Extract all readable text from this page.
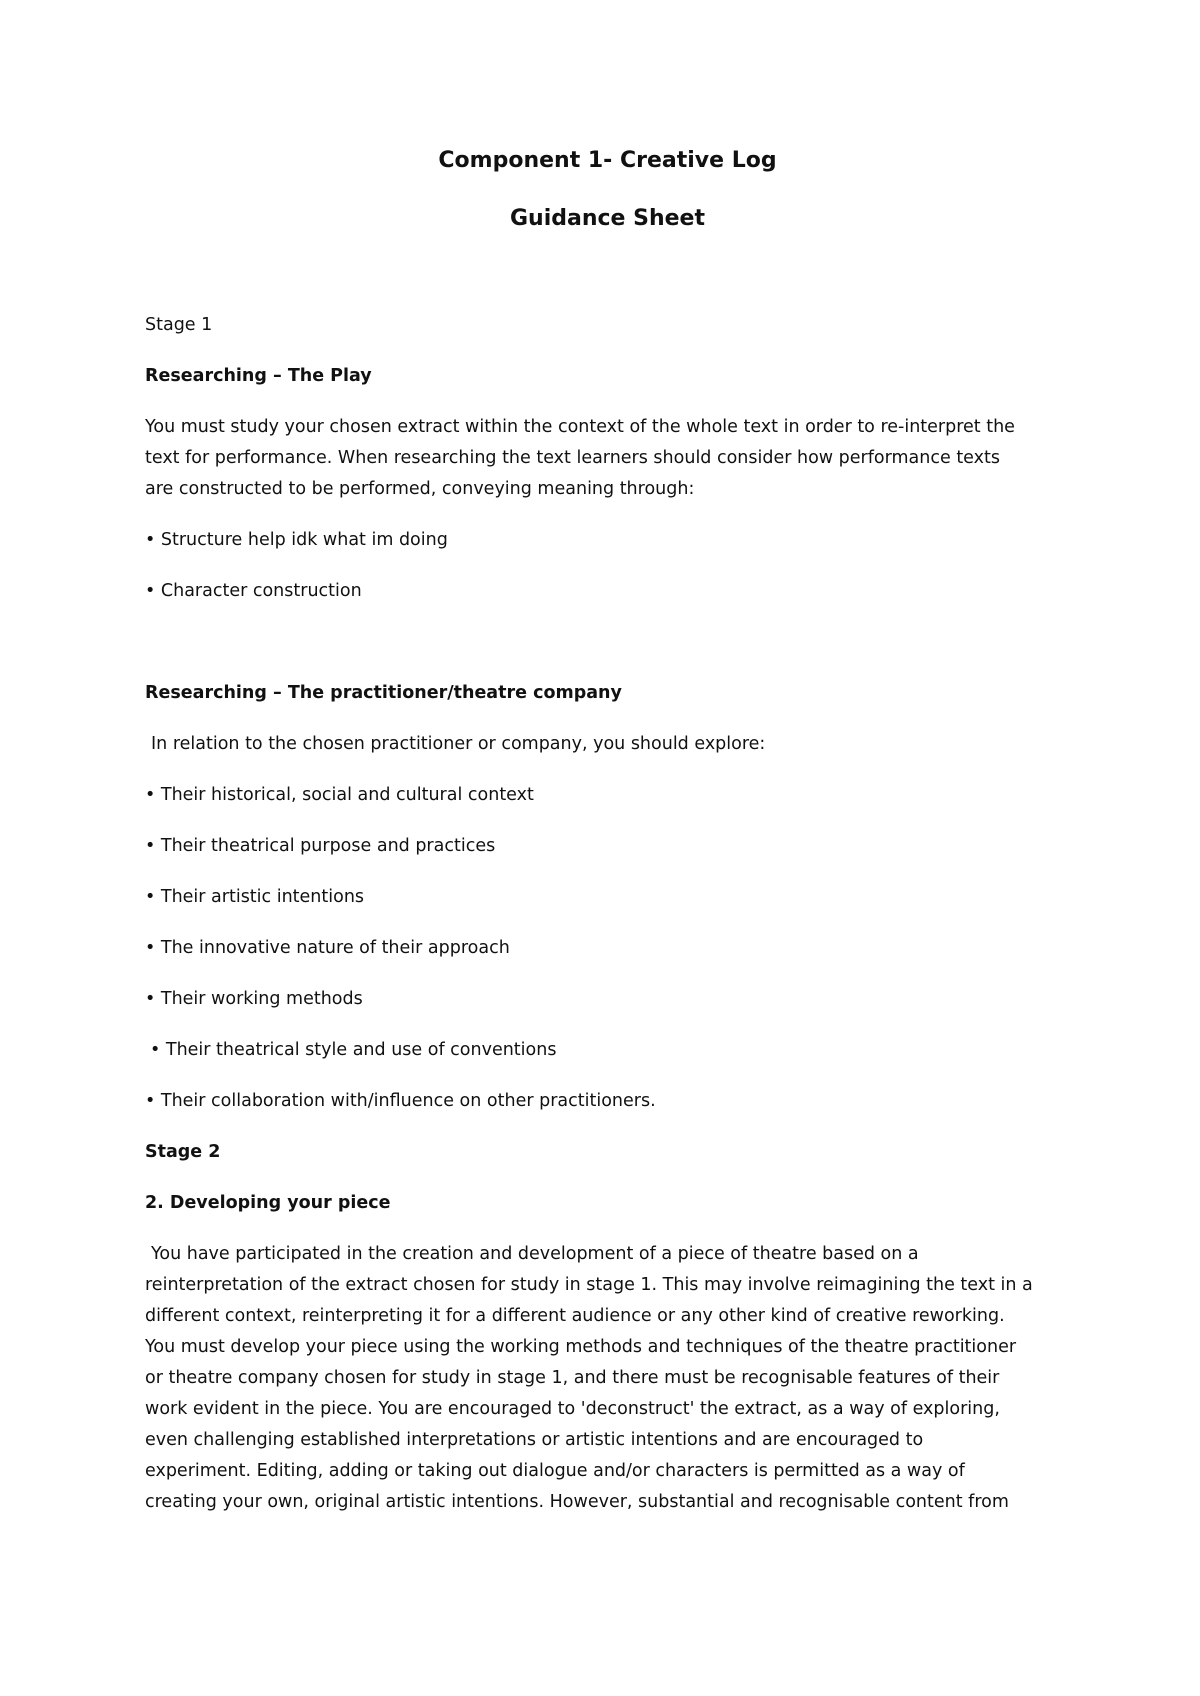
Component 1- Creative Log

Guidance Sheet

Stage 1

Researching – The Play

You must study your chosen extract within the context of the whole text in order to re-interpret the
text for performance. When researching the text learners should consider how performance texts
are constructed to be performed, conveying meaning through:

• Structure help idk what im doing
• Character construction

Researching – The practitioner/theatre company

In relation to the chosen practitioner or company, you should explore:

• Their historical, social and cultural context
• Their theatrical purpose and practices
• Their artistic intentions
• The innovative nature of their approach
• Their working methods
• Their theatrical style and use of conventions
• Their collaboration with/influence on other practitioners.

Stage 2

2. Developing your piece

You have participated in the creation and development of a piece of theatre based on a
reinterpretation of the extract chosen for study in stage 1. This may involve reimagining the text in a
different context, reinterpreting it for a different audience or any other kind of creative reworking.
You must develop your piece using the working methods and techniques of the theatre practitioner
or theatre company chosen for study in stage 1, and there must be recognisable features of their
work evident in the piece. You are encouraged to 'deconstruct' the extract, as a way of exploring,
even challenging established interpretations or artistic intentions and are encouraged to
experiment. Editing, adding or taking out dialogue and/or characters is permitted as a way of
creating your own, original artistic intentions. However, substantial and recognisable content from
